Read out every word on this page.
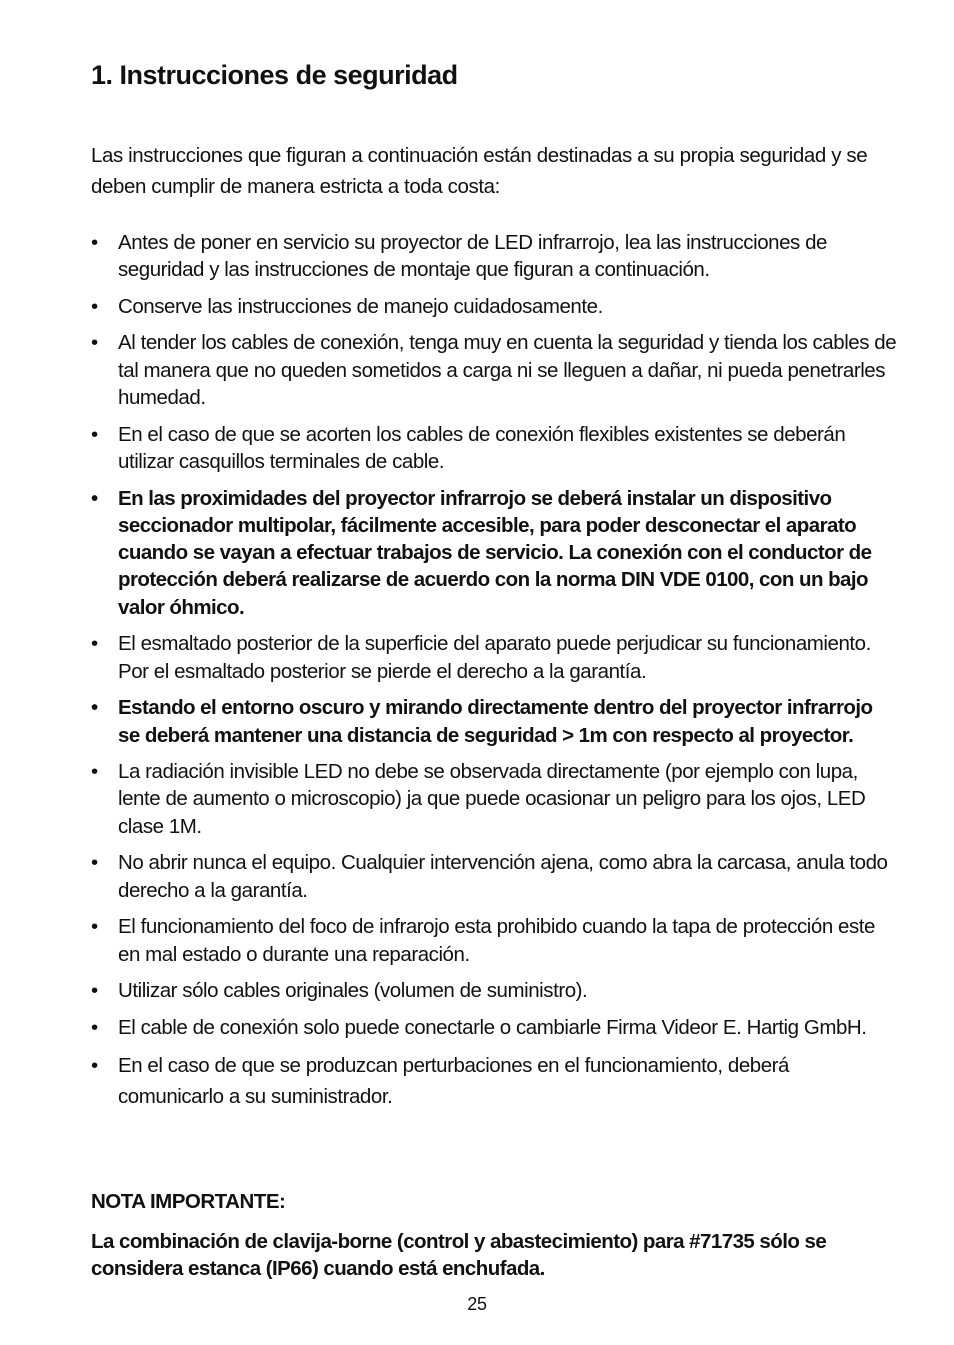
1. Instrucciones de seguridad

Las instrucciones que figuran a continuación están destinadas a su propia seguridad y se deben cumplir de manera estricta a toda costa:

• Antes de poner en servicio su proyector de LED infrarrojo, lea las instrucciones de seguridad y las instrucciones de montaje que figuran a continuación.
• Conserve las instrucciones de manejo cuidadosamente.
• Al tender los cables de conexión, tenga muy en cuenta la seguridad y tienda los cables de tal manera que no queden sometidos a carga ni se lleguen a dañar, ni pueda penetrarles humedad.
• En el caso de que se acorten los cables de conexión flexibles existentes se deberán utilizar casquillos terminales de cable.
• En las proximidades del proyector infrarrojo se deberá instalar un dispositivo seccionador multipolar, fácilmente accesible, para poder desconectar el aparato cuando se vayan a efectuar trabajos de servicio. La conexión con el conductor de protección deberá realizarse de acuerdo con la norma DIN VDE 0100, con un bajo valor óhmico.
• El esmaltado posterior de la superficie del aparato puede perjudicar su funcionamiento. Por el esmaltado posterior se pierde el derecho a la garantía.
• Estando el entorno oscuro y mirando directamente dentro del proyector infrarrojo se deberá mantener una distancia de seguridad > 1m con respecto al proyector.
• La radiación invisible LED no debe se observada directamente (por ejemplo con lupa, lente de aumento o microscopio) ja que puede ocasionar un peligro para los ojos, LED clase 1M.
• No abrir nunca el equipo. Cualquier intervención ajena, como abra la carcasa, anula todo derecho a la garantía.
• El funcionamiento del foco de infrarojo esta prohibido cuando la tapa de protección este en mal estado o durante una reparación.
• Utilizar sólo cables originales (volumen de suministro).
• El cable de conexión solo puede conectarle o cambiarle Firma Videor E. Hartig GmbH.
• En el caso de que se produzcan perturbaciones en el funcionamiento, deberá comunicarlo a su suministrador.

NOTA IMPORTANTE:

La combinación de clavija-borne (control y abastecimiento) para #71735 sólo se considera estanca (IP66) cuando está enchufada.

25
